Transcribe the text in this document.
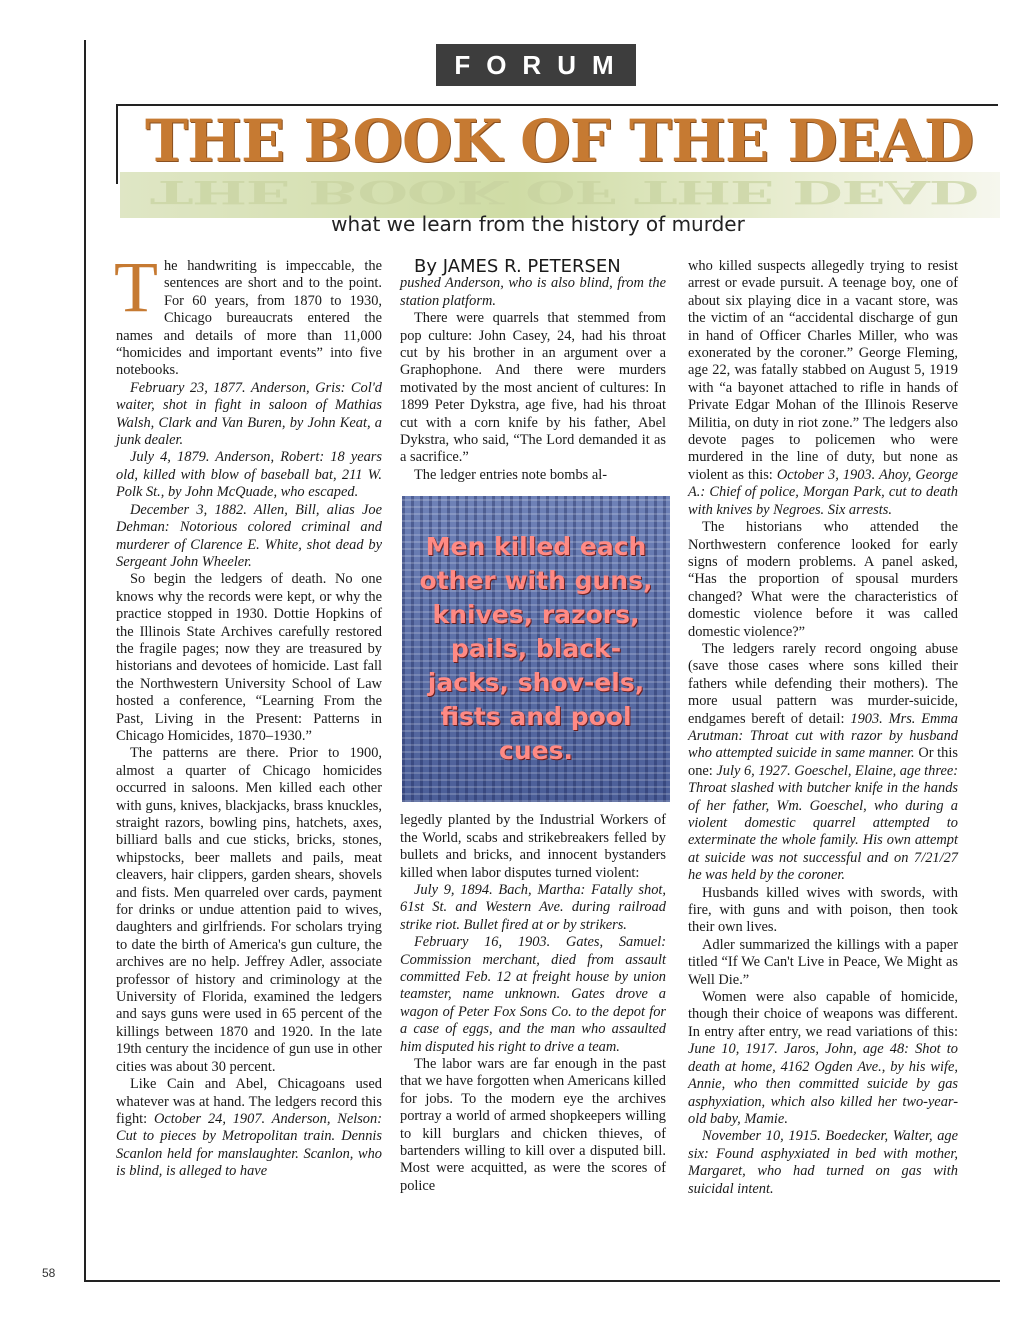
FORUM
THE BOOK OF THE DEAD
THE BOOK OF THE DEAD
what we learn from the history of murder

The handwriting is impeccable, the sentences are short and to the point. For 60 years, from 1870 to 1930, Chicago bureaucrats entered the names and details of more than 11,000 “homicides and important events” into five notebooks.

February 23, 1877. Anderson, Gris: Col'd waiter, shot in fight in saloon of Mathias Walsh, Clark and Van Buren, by John Keat, a junk dealer.

July 4, 1879. Anderson, Robert: 18 years old, killed with blow of baseball bat, 211 W. Polk St., by John McQuade, who escaped.

December 3, 1882. Allen, Bill, alias Joe Dehman: Notorious colored criminal and murderer of Clarence E. White, shot dead by Sergeant John Wheeler.

So begin the ledgers of death. No one knows why the records were kept, or why the practice stopped in 1930. Dottie Hopkins of the Illinois State Archives carefully restored the fragile pages; now they are treasured by historians and devotees of homicide. Last fall the Northwestern University School of Law hosted a conference, “Learning From the Past, Living in the Present: Patterns in Chicago Homicides, 1870–1930.”

The patterns are there. Prior to 1900, almost a quarter of Chicago homicides occurred in saloons. Men killed each other with guns, knives, blackjacks, brass knuckles, straight razors, bowling pins, hatchets, axes, billiard balls and cue sticks, bricks, stones, whipstocks, beer mallets and pails, meat cleavers, hair clippers, garden shears, shovels and fists. Men quarreled over cards, payment for drinks or undue attention paid to wives, daughters and girlfriends. For scholars trying to date the birth of America's gun culture, the archives are no help. Jeffrey Adler, associate professor of history and criminology at the University of Florida, examined the ledgers and says guns were used in 65 percent of the killings between 1870 and 1920. In the late 19th century the incidence of gun use in other cities was about 30 percent.

Like Cain and Abel, Chicagoans used whatever was at hand. The ledgers record this fight: October 24, 1907. Anderson, Nelson: Cut to pieces by Metropolitan train. Dennis Scanlon held for manslaughter. Scanlon, who is blind, is alleged to have

By JAMES R. PETERSEN

pushed Anderson, who is also blind, from the station platform.

There were quarrels that stemmed from pop culture: John Casey, 24, had his throat cut by his brother in an argument over a Graphophone. And there were murders motivated by the most ancient of cultures: In 1899 Peter Dykstra, age five, had his throat cut with a corn knife by his father, Abel Dykstra, who said, “The Lord demanded it as a sacrifice.”

The ledger entries note bombs al-

Men killed each other with guns, knives, razors, pails, black-jacks, shov-els, fists and pool cues.

legedly planted by the Industrial Workers of the World, scabs and strikebreakers felled by bullets and bricks, and innocent bystanders killed when labor disputes turned violent:

July 9, 1894. Bach, Martha: Fatally shot, 61st St. and Western Ave. during railroad strike riot. Bullet fired at or by strikers.

February 16, 1903. Gates, Samuel: Commission merchant, died from assault committed Feb. 12 at freight house by union teamster, name unknown. Gates drove a wagon of Peter Fox Sons Co. to the depot for a case of eggs, and the man who assaulted him disputed his right to drive a team.

The labor wars are far enough in the past that we have forgotten when Americans killed for jobs. To the modern eye the archives portray a world of armed shopkeepers willing to kill burglars and chicken thieves, of bartenders willing to kill over a disputed bill. Most were acquitted, as were the scores of police

who killed suspects allegedly trying to resist arrest or evade pursuit. A teenage boy, one of about six playing dice in a vacant store, was the victim of an “accidental discharge of gun in hand of Officer Charles Miller, who was exonerated by the coroner.” George Fleming, age 22, was fatally stabbed on August 5, 1919 with “a bayonet attached to rifle in hands of Private Edgar Mohan of the Illinois Reserve Militia, on duty in riot zone.” The ledgers also devote pages to policemen who were murdered in the line of duty, but none as violent as this: October 3, 1903. Ahoy, George A.: Chief of police, Morgan Park, cut to death with knives by Negroes. Six arrests.

The historians who attended the Northwestern conference looked for early signs of modern problems. A panel asked, “Has the proportion of spousal murders changed? What were the characteristics of domestic violence before it was called domestic violence?”

The ledgers rarely record ongoing abuse (save those cases where sons killed their fathers while defending their mothers). The more usual pattern was murder-suicide, endgames bereft of detail: 1903. Mrs. Emma Arutman: Throat cut with razor by husband who attempted suicide in same manner. Or this one: July 6, 1927. Goeschel, Elaine, age three: Throat slashed with butcher knife in the hands of her father, Wm. Goeschel, who during a violent domestic quarrel attempted to exterminate the whole family. His own attempt at suicide was not successful and on 7/21/27 he was held by the coroner.

Husbands killed wives with swords, with fire, with guns and with poison, then took their own lives.

Adler summarized the killings with a paper titled “If We Can't Live in Peace, We Might as Well Die.”

Women were also capable of homicide, though their choice of weapons was different. In entry after entry, we read variations of this: June 10, 1917. Jaros, John, age 48: Shot to death at home, 4162 Ogden Ave., by his wife, Annie, who then committed suicide by gas asphyxiation, which also killed her two-year-old baby, Mamie.

November 10, 1915. Boedecker, Walter, age six: Found asphyxiated in bed with mother, Margaret, who had turned on gas with suicidal intent.

58
